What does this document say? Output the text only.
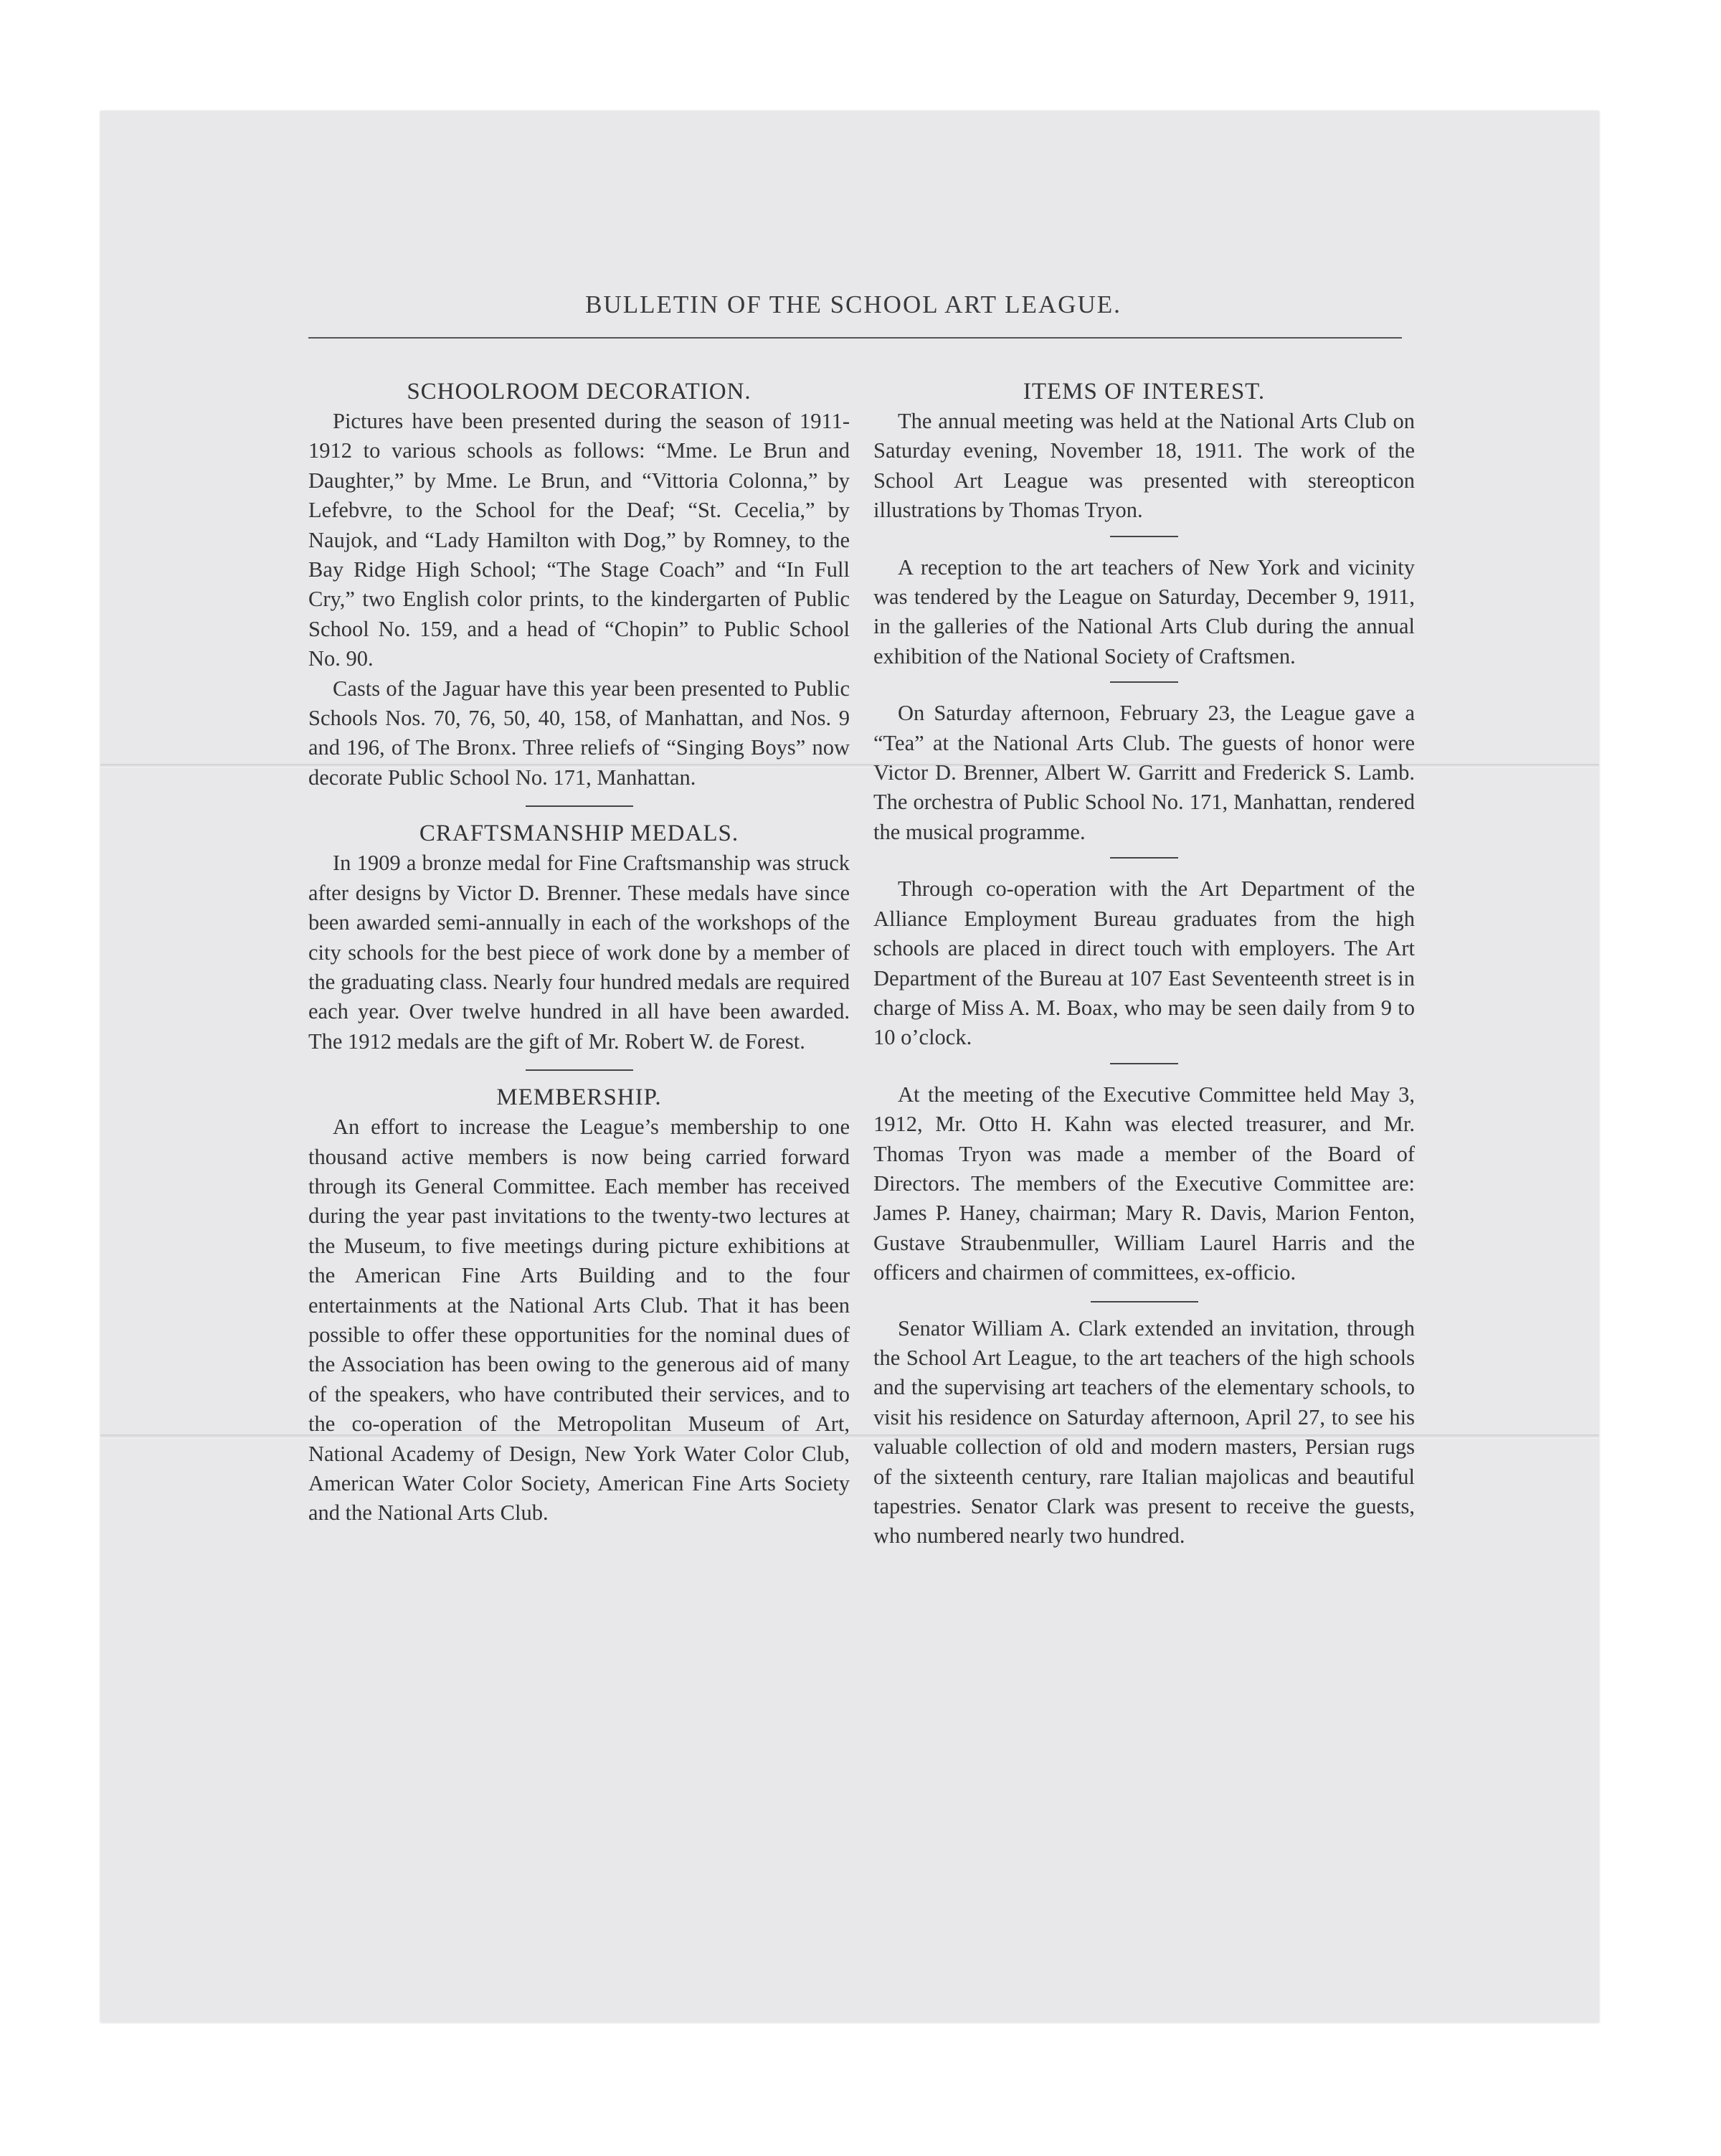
BULLETIN OF THE SCHOOL ART LEAGUE.
SCHOOLROOM DECORATION.

Pictures have been presented during the season of 1911-1912 to various schools as follows: “Mme. Le Brun and Daughter,” by Mme. Le Brun, and “Vittoria Colonna,” by Lefebvre, to the School for the Deaf; “St. Cecelia,” by Naujok, and “Lady Hamilton with Dog,” by Romney, to the Bay Ridge High School; “The Stage Coach” and “In Full Cry,” two English color prints, to the kindergarten of Public School No. 159, and a head of “Chopin” to Public School No. 90.

Casts of the Jaguar have this year been presented to Public Schools Nos. 70, 76, 50, 40, 158, of Manhattan, and Nos. 9 and 196, of The Bronx. Three reliefs of “Singing Boys” now decorate Public School No. 171, Manhattan.

CRAFTSMANSHIP MEDALS.

In 1909 a bronze medal for Fine Craftsmanship was struck after designs by Victor D. Brenner. These medals have since been awarded semi-annually in each of the workshops of the city schools for the best piece of work done by a member of the graduating class. Nearly four hundred medals are required each year. Over twelve hundred in all have been awarded. The 1912 medals are the gift of Mr. Robert W. de Forest.

MEMBERSHIP.

An effort to increase the League’s membership to one thousand active members is now being carried forward through its General Committee. Each member has received during the year past invitations to the twenty-two lectures at the Museum, to five meetings during picture exhibitions at the American Fine Arts Building and to the four entertainments at the National Arts Club. That it has been possible to offer these opportunities for the nominal dues of the Association has been owing to the generous aid of many of the speakers, who have contributed their services, and to the co-operation of the Metropolitan Museum of Art, National Academy of Design, New York Water Color Club, American Water Color Society, American Fine Arts Society and the National Arts Club.

ITEMS OF INTEREST.

The annual meeting was held at the National Arts Club on Saturday evening, November 18, 1911. The work of the School Art League was presented with stereopticon illustrations by Thomas Tryon.

A reception to the art teachers of New York and vicinity was tendered by the League on Saturday, December 9, 1911, in the galleries of the National Arts Club during the annual exhibition of the National Society of Craftsmen.

On Saturday afternoon, February 23, the League gave a “Tea” at the National Arts Club. The guests of honor were Victor D. Brenner, Albert W. Garritt and Frederick S. Lamb. The orchestra of Public School No. 171, Manhattan, rendered the musical programme.

Through co-operation with the Art Department of the Alliance Employment Bureau graduates from the high schools are placed in direct touch with employers. The Art Department of the Bureau at 107 East Seventeenth street is in charge of Miss A. M. Boax, who may be seen daily from 9 to 10 o’clock.

At the meeting of the Executive Committee held May 3, 1912, Mr. Otto H. Kahn was elected treasurer, and Mr. Thomas Tryon was made a member of the Board of Directors. The members of the Executive Committee are: James P. Haney, chairman; Mary R. Davis, Marion Fenton, Gustave Straubenmuller, William Laurel Harris and the officers and chairmen of committees, ex-officio.

Senator William A. Clark extended an invitation, through the School Art League, to the art teachers of the high schools and the supervising art teachers of the elementary schools, to visit his residence on Saturday afternoon, April 27, to see his valuable collection of old and modern masters, Persian rugs of the sixteenth century, rare Italian majolicas and beautiful tapestries. Senator Clark was present to receive the guests, who numbered nearly two hundred.
